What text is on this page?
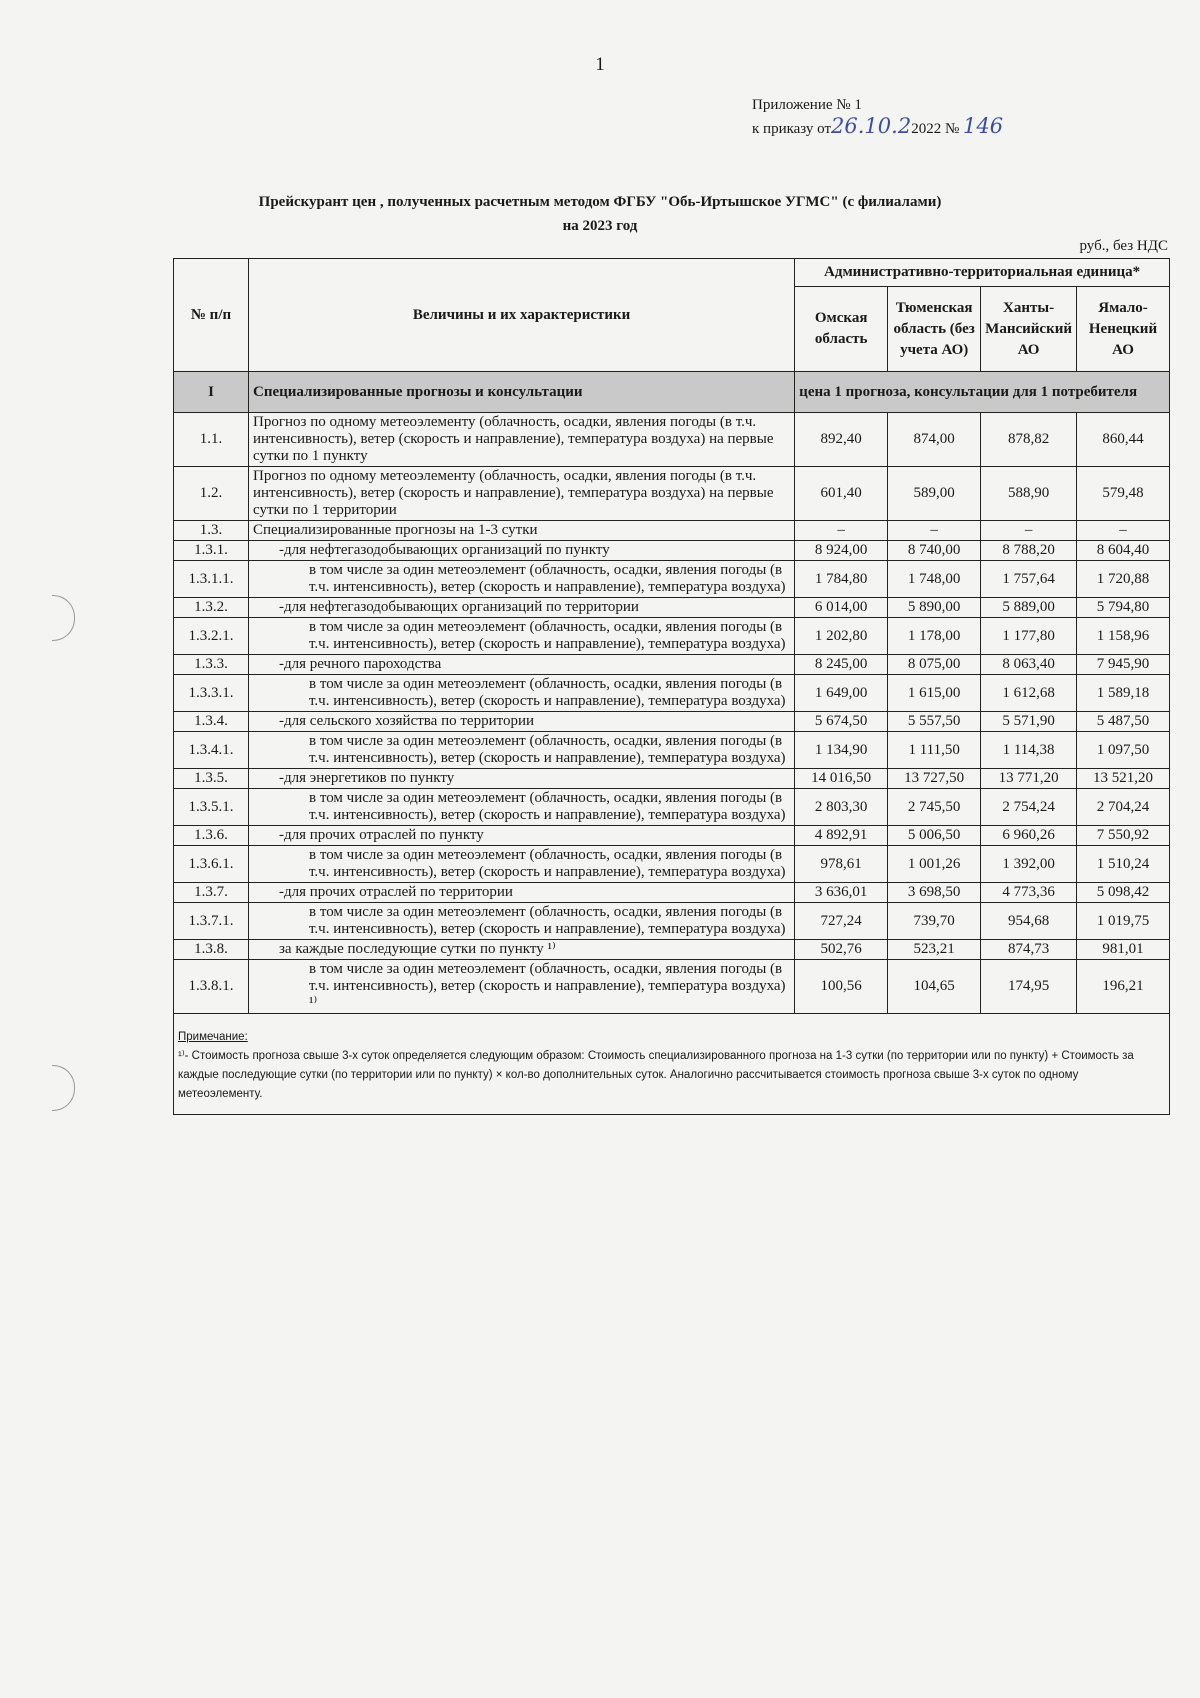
1
Приложение № 1
к приказу от26.10.22022 № 146
Прейскурант цен , полученных расчетным методом ФГБУ "Обь-Иртышское УГМС" (с филиалами)
на 2023 год
руб., без НДС
№ п/п	Величины и их характеристики	Административно-территориальная единица*			
		Омская область	Тюменская область (без учета АО)	Ханты-Мансийский АО	Ямало-Ненецкий АО
I	Специализированные прогнозы и консультации	цена 1 прогноза, консультации для 1 потребителя			
1.1.	Прогноз по одному метеоэлементу (облачность, осадки, явления погоды (в т.ч. интенсивность), ветер (скорость и направление), температура воздуха) на первые сутки по 1 пункту	892,40	874,00	878,82	860,44
1.2.	Прогноз по одному метеоэлементу (облачность, осадки, явления погоды (в т.ч. интенсивность), ветер (скорость и направление), температура воздуха) на первые сутки по 1 территории	601,40	589,00	588,90	579,48
1.3.	Специализированные прогнозы на 1-3 сутки	–	–	–	–
1.3.1.	-для нефтегазодобывающих организаций по пункту	8 924,00	8 740,00	8 788,20	8 604,40
1.3.1.1.	в том числе за один метеоэлемент (облачность, осадки, явления погоды (в т.ч. интенсивность), ветер (скорость и направление), температура воздуха)	1 784,80	1 748,00	1 757,64	1 720,88
1.3.2.	-для нефтегазодобывающих организаций по территории	6 014,00	5 890,00	5 889,00	5 794,80
1.3.2.1.	в том числе за один метеоэлемент (облачность, осадки, явления погоды (в т.ч. интенсивность), ветер (скорость и направление), температура воздуха)	1 202,80	1 178,00	1 177,80	1 158,96
1.3.3.	-для речного пароходства	8 245,00	8 075,00	8 063,40	7 945,90
1.3.3.1.	в том числе за один метеоэлемент (облачность, осадки, явления погоды (в т.ч. интенсивность), ветер (скорость и направление), температура воздуха)	1 649,00	1 615,00	1 612,68	1 589,18
1.3.4.	-для сельского хозяйства по территории	5 674,50	5 557,50	5 571,90	5 487,50
1.3.4.1.	в том числе за один метеоэлемент (облачность, осадки, явления погоды (в т.ч. интенсивность), ветер (скорость и направление), температура воздуха)	1 134,90	1 111,50	1 114,38	1 097,50
1.3.5.	-для энергетиков по пункту	14 016,50	13 727,50	13 771,20	13 521,20
1.3.5.1.	в том числе за один метеоэлемент (облачность, осадки, явления погоды (в т.ч. интенсивность), ветер (скорость и направление), температура воздуха)	2 803,30	2 745,50	2 754,24	2 704,24
1.3.6.	-для прочих отраслей по пункту	4 892,91	5 006,50	6 960,26	7 550,92
1.3.6.1.	в том числе за один метеоэлемент (облачность, осадки, явления погоды (в т.ч. интенсивность), ветер (скорость и направление), температура воздуха)	978,61	1 001,26	1 392,00	1 510,24
1.3.7.	-для прочих отраслей по территории	3 636,01	3 698,50	4 773,36	5 098,42
1.3.7.1.	в том числе за один метеоэлемент (облачность, осадки, явления погоды (в т.ч. интенсивность), ветер (скорость и направление), температура воздуха)	727,24	739,70	954,68	1 019,75
1.3.8.	за каждые последующие сутки по пункту ¹⁾	502,76	523,21	874,73	981,01
1.3.8.1.	в том числе за один метеоэлемент (облачность, осадки, явления погоды (в т.ч. интенсивность), ветер (скорость и направление), температура воздуха) ¹⁾	100,56	104,65	174,95	196,21

Примечание:
¹⁾- Стоимость прогноза свыше 3-х суток определяется следующим образом: Стоимость специализированного прогноза на 1-3 сутки (по территории или по пункту) + Стоимость за каждые последующие сутки (по территории или по пункту) × кол-во дополнительных суток. Аналогично рассчитывается стоимость прогноза свыше 3-х суток по одному метеоэлементу.					
